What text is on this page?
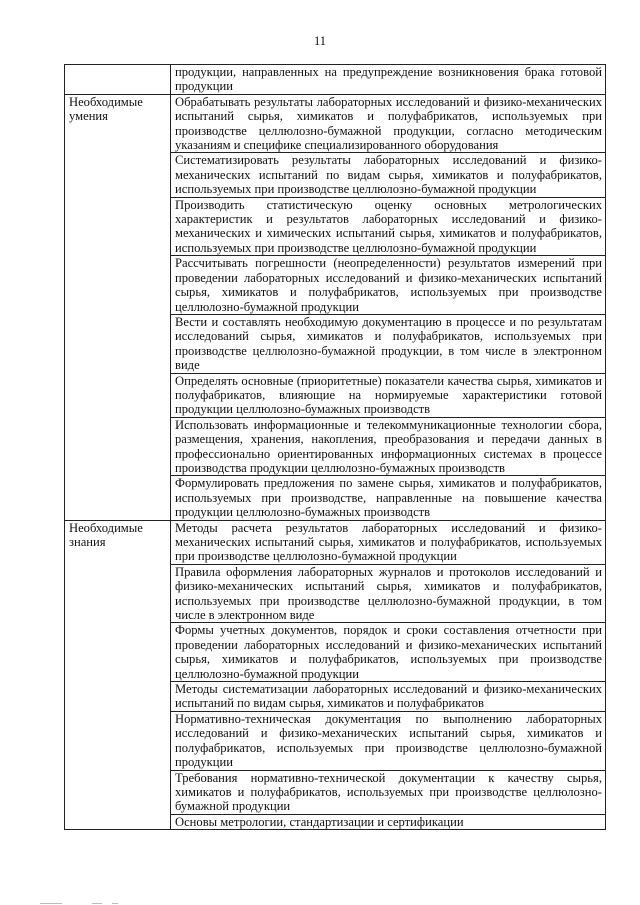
11
	продукции, направленных на предупреждение возникновения брака готовой продукции
Необходимые умения	Обрабатывать результаты лабораторных исследований и физико-механических испытаний сырья, химикатов и полуфабрикатов, используемых при производстве целлюлозно-бумажной продукции, согласно методическим указаниям и специфике специализированного оборудования
	Систематизировать результаты лабораторных исследований и физико-механических испытаний по видам сырья, химикатов и полуфабрикатов, используемых при производстве целлюлозно-бумажной продукции
	Производить статистическую оценку основных метрологических характеристик и результатов лабораторных исследований и физико-механических и химических испытаний сырья, химикатов и полуфабрикатов, используемых при производстве целлюлозно-бумажной продукции
	Рассчитывать погрешности (неопределенности) результатов измерений при проведении лабораторных исследований и физико-механических испытаний сырья, химикатов и полуфабрикатов, используемых при производстве целлюлозно-бумажной продукции
	Вести и составлять необходимую документацию в процессе и по результатам исследований сырья, химикатов и полуфабрикатов, используемых при производстве целлюлозно-бумажной продукции, в том числе в электронном виде
	Определять основные (приоритетные) показатели качества сырья, химикатов и полуфабрикатов, влияющие на нормируемые характеристики готовой продукции целлюлозно-бумажных производств
	Использовать информационные и телекоммуникационные технологии сбора, размещения, хранения, накопления, преобразования и передачи данных в профессионально ориентированных информационных системах в процессе производства продукции целлюлозно-бумажных производств
	Формулировать предложения по замене сырья, химикатов и полуфабрикатов, используемых при производстве, направленные на повышение качества продукции целлюлозно-бумажных производств
Необходимые знания	Методы расчета результатов лабораторных исследований и физико-механических испытаний сырья, химикатов и полуфабрикатов, используемых при производстве целлюлозно-бумажной продукции
	Правила оформления лабораторных журналов и протоколов исследований и физико-механических испытаний сырья, химикатов и полуфабрикатов, используемых при производстве целлюлозно-бумажной продукции, в том числе в электронном виде
	Формы учетных документов, порядок и сроки составления отчетности при проведении лабораторных исследований и физико-механических испытаний сырья, химикатов и полуфабрикатов, используемых при производстве целлюлозно-бумажной продукции
	Методы систематизации лабораторных исследований и физико-механических испытаний по видам сырья, химикатов и полуфабрикатов
	Нормативно-техническая документация по выполнению лабораторных исследований и физико-механических испытаний сырья, химикатов и полуфабрикатов, используемых при производстве целлюлозно-бумажной продукции
	Требования нормативно-технической документации к качеству сырья, химикатов и полуфабрикатов, используемых при производстве целлюлозно-бумажной продукции
	Основы метрологии, стандартизации и сертификации
